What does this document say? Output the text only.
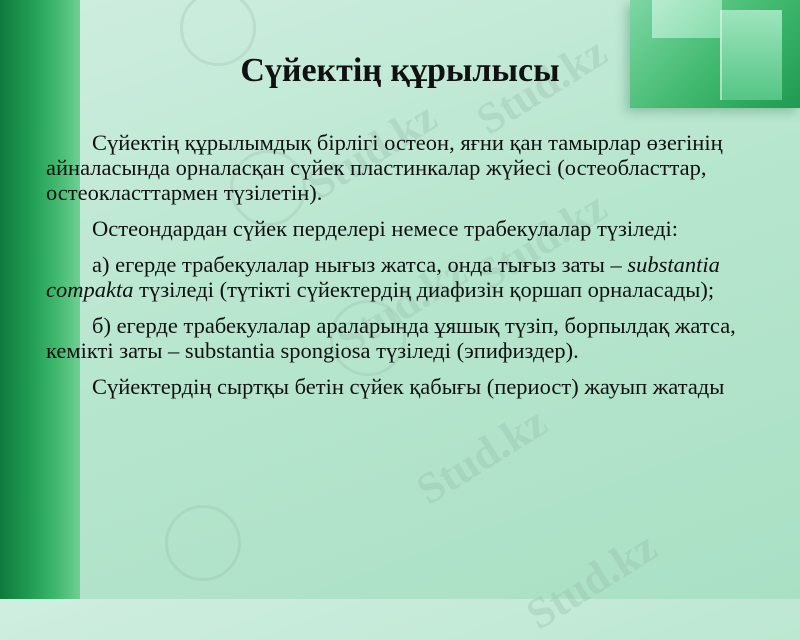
Stud.kz
Stud.kz
Stud.kz
Stud.kz
Stud.kz
Stud.kz
Сүйектің құрылысы

Сүйектің құрылымдық бірлігі остеон, яғни қан тамырлар өзегінің айналасында орналасқан сүйек пластинкалар жүйесі (остеобласттар, остеокласттармен түзілетін).

Остеондардан сүйек перделері немесе трабекулалар түзіледі:

а) егерде трабекулалар нығыз жатса, онда тығыз заты – substantia compakta түзіледі (түтікті сүйектердің диафизін қоршап орналасады);

б) егерде трабекулалар араларында ұяшық түзіп, борпылдақ жатса, кемікті заты – substantia spongiosa түзіледі (эпифиздер).

Сүйектердің сыртқы бетін сүйек қабығы (периост) жауып жатады
